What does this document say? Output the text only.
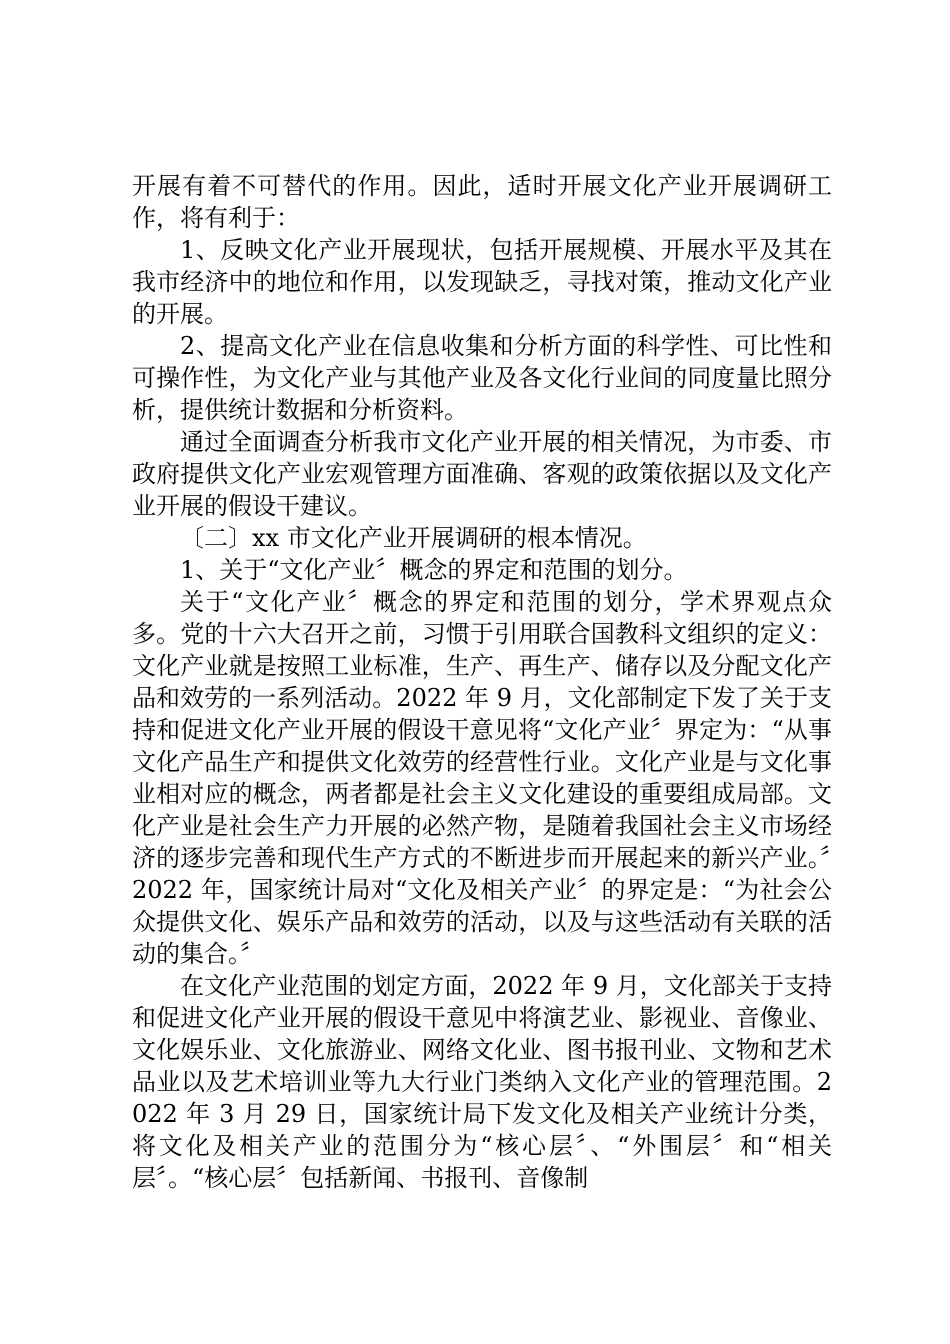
开展有着不可替代的作用。因此，适时开展文化产业开展调研工作，将有利于：

1、反映文化产业开展现状，包括开展规模、开展水平及其在我市经济中的地位和作用，以发现缺乏，寻找对策，推动文化产业的开展。

2、提高文化产业在信息收集和分析方面的科学性、可比性和可操作性，为文化产业与其他产业及各文化行业间的同度量比照分析，提供统计数据和分析资料。

通过全面调查分析我市文化产业开展的相关情况，为市委、市政府提供文化产业宏观管理方面准确、客观的政策依据以及文化产业开展的假设干建议。

〔二〕xx 市文化产业开展调研的根本情况。

1、关于“文化产业〞概念的界定和范围的划分。

关于“文化产业〞概念的界定和范围的划分，学术界观点众多。党的十六大召开之前，习惯于引用联合国教科文组织的定义：文化产业就是按照工业标准，生产、再生产、储存以及分配文化产品和效劳的一系列活动。2022 年 9 月，文化部制定下发了关于支持和促进文化产业开展的假设干意见将“文化产业〞界定为：“从事文化产品生产和提供文化效劳的经营性行业。文化产业是与文化事业相对应的概念，两者都是社会主义文化建设的重要组成局部。文化产业是社会生产力开展的必然产物，是随着我国社会主义市场经济的逐步完善和现代生产方式的不断进步而开展起来的新兴产业。〞2022 年，国家统计局对“文化及相关产业〞的界定是：“为社会公众提供文化、娱乐产品和效劳的活动，以及与这些活动有关联的活动的集合。〞

在文化产业范围的划定方面，2022 年 9 月，文化部关于支持和促进文化产业开展的假设干意见中将演艺业、影视业、音像业、文化娱乐业、文化旅游业、网络文化业、图书报刊业、文物和艺术品业以及艺术培训业等九大行业门类纳入文化产业的管理范围。2022 年 3 月 29 日，国家统计局下发文化及相关产业统计分类，将文化及相关产业的范围分为“核心层〞、“外围层〞和“相关层〞。“核心层〞包括新闻、书报刊、音像制
